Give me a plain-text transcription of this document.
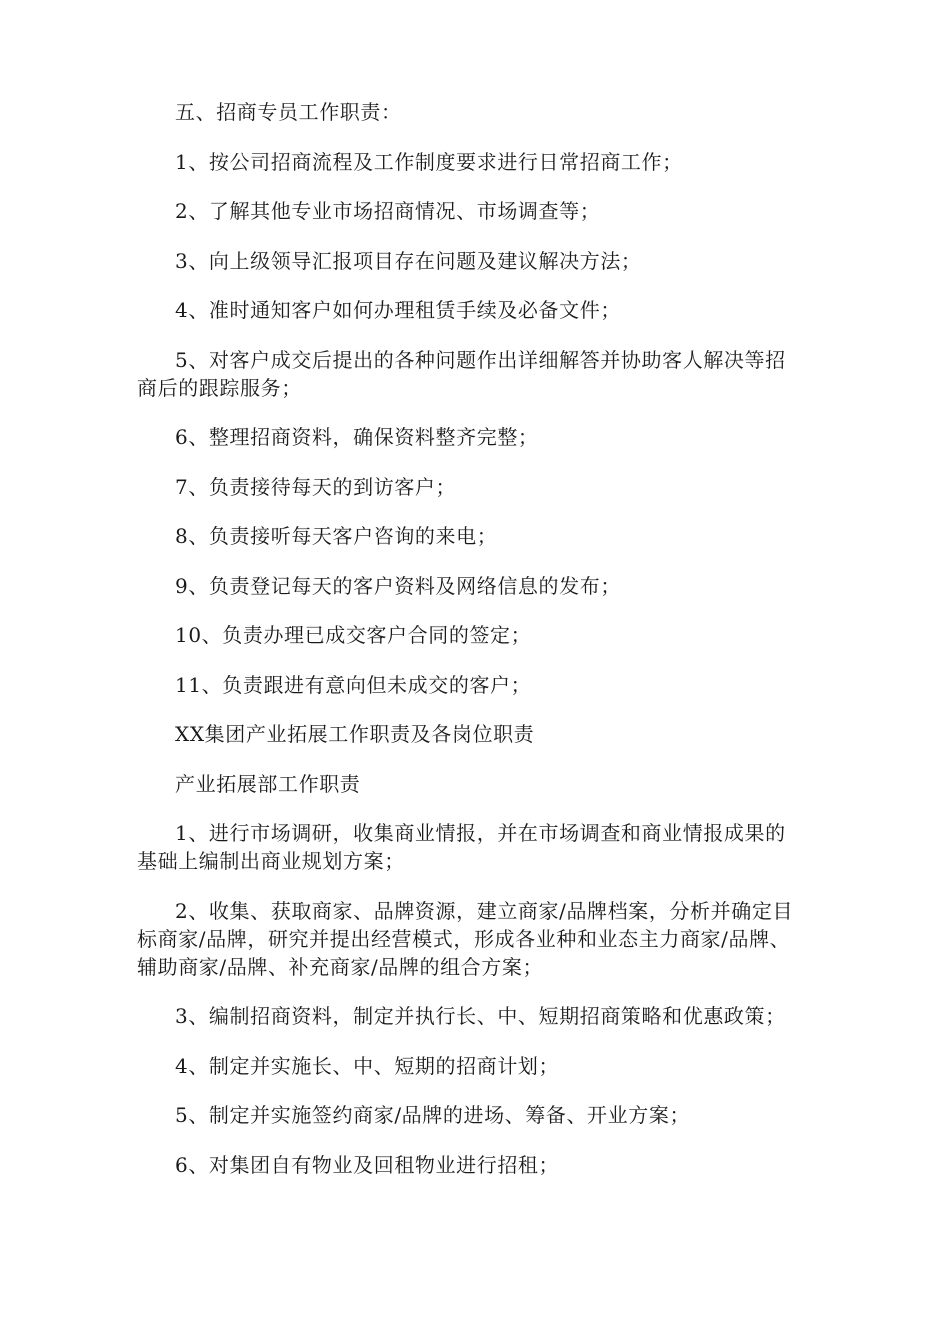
五、招商专员工作职责：

1、按公司招商流程及工作制度要求进行日常招商工作；

2、了解其他专业市场招商情况、市场调查等；

3、向上级领导汇报项目存在问题及建议解决方法；

4、准时通知客户如何办理租赁手续及必备文件；

5、对客户成交后提出的各种问题作出详细解答并协助客人解决等招商后的跟踪服务；

6、整理招商资料，确保资料整齐完整；

7、负责接待每天的到访客户；

8、负责接听每天客户咨询的来电；

9、负责登记每天的客户资料及网络信息的发布；

10、负责办理已成交客户合同的签定；

11、负责跟进有意向但未成交的客户；

XX集团产业拓展工作职责及各岗位职责

产业拓展部工作职责

1、进行市场调研，收集商业情报，并在市场调查和商业情报成果的基础上编制出商业规划方案；

2、收集、获取商家、品牌资源，建立商家/品牌档案，分析并确定目标商家/品牌，研究并提出经营模式，形成各业种和业态主力商家/品牌、辅助商家/品牌、补充商家/品牌的组合方案；

3、编制招商资料，制定并执行长、中、短期招商策略和优惠政策；

4、制定并实施长、中、短期的招商计划；

5、制定并实施签约商家/品牌的进场、筹备、开业方案；

6、对集团自有物业及回租物业进行招租；
